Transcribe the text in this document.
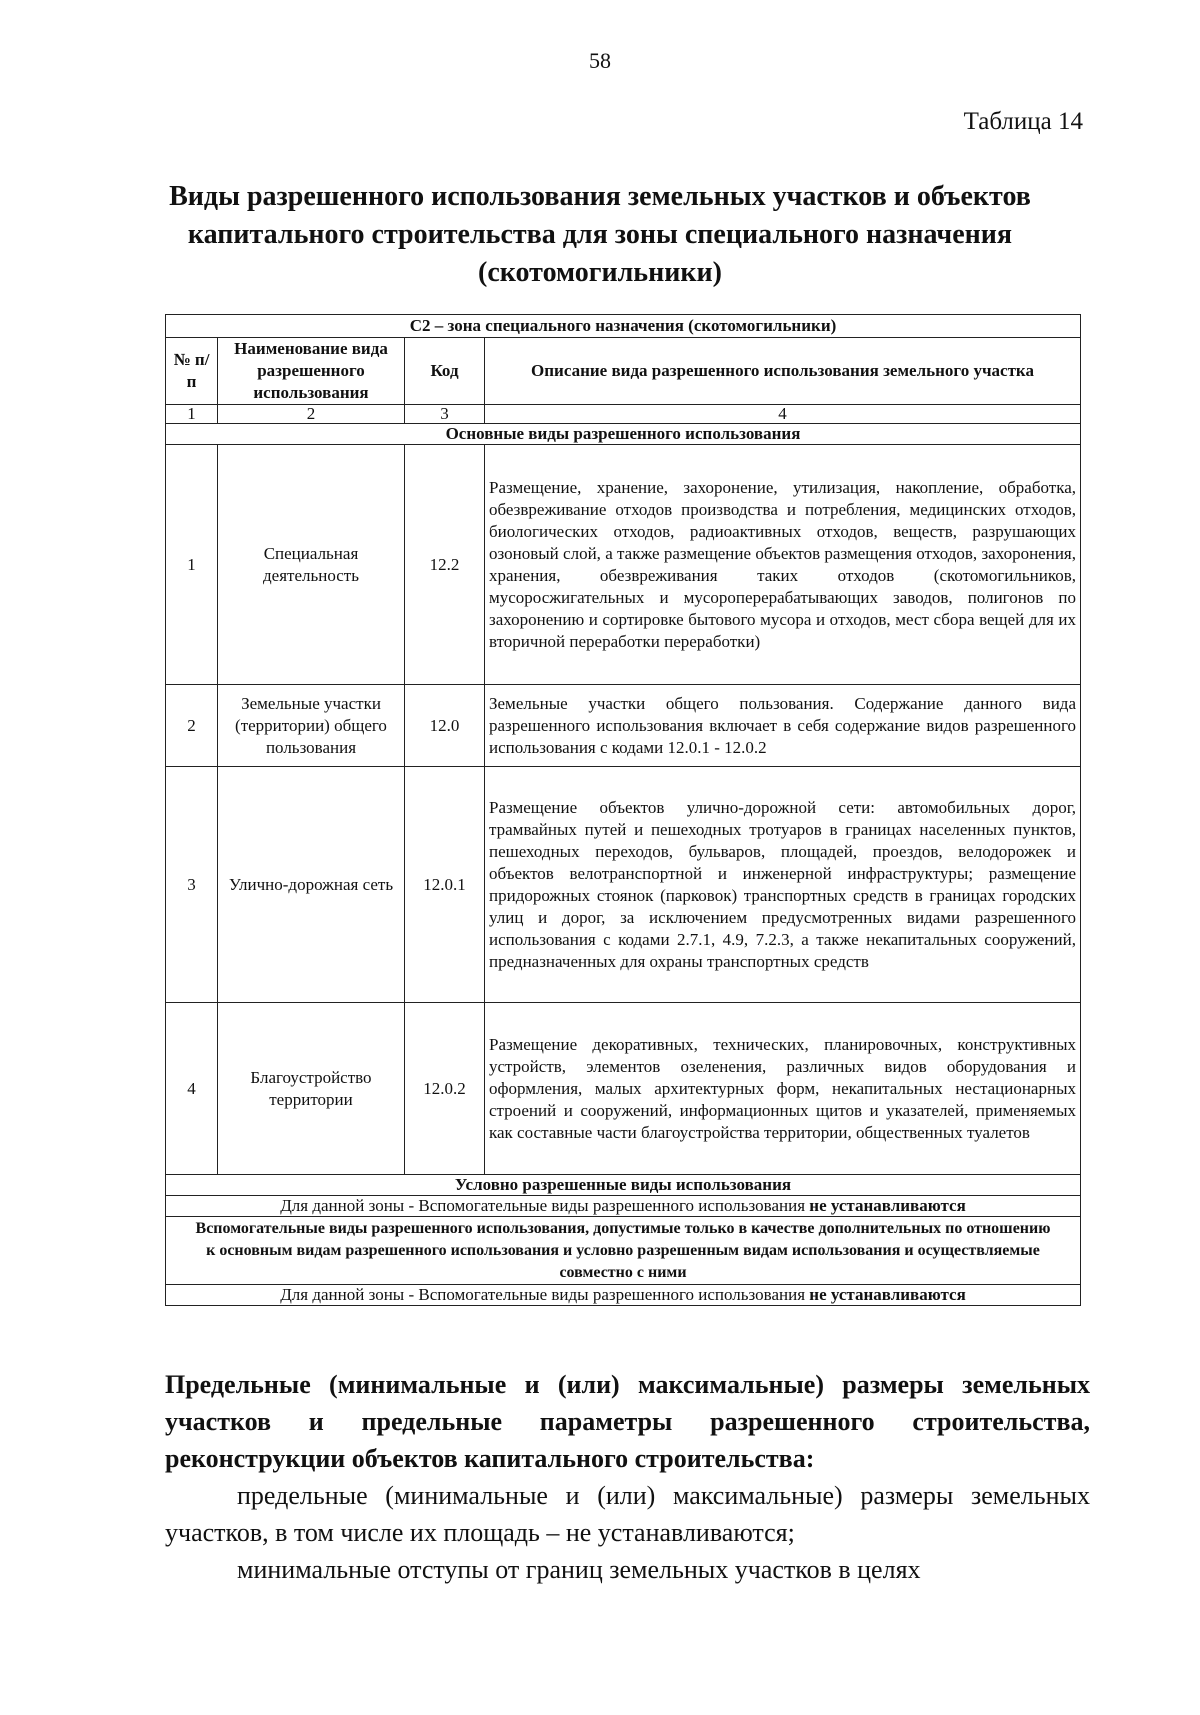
58
Таблица 14
Виды разрешенного использования земельных участков и объектов капитального строительства для зоны специального назначения (скотомогильники)
С2 – зона специального назначения (скотомогильники)			
№ п/п	Наименование вида разрешенного использования	Код	Описание вида разрешенного использования земельного участка
1	2	3	4
Основные виды разрешенного использования			
1	Специальная деятельность	12.2	Размещение, хранение, захоронение, утилизация, накопление, обработка, обезвреживание отходов производства и потребления, медицинских отходов, биологических отходов, радиоактивных отходов, веществ, разрушающих озоновый слой, а также размещение объектов размещения отходов, захоронения, хранения, обезвреживания таких отходов (скотомогильников, мусоросжигательных и мусороперерабатывающих заводов, полигонов по захоронению и сортировке бытового мусора и отходов, мест сбора вещей для их вторичной переработки переработки)
2	Земельные участки (территории) общего пользования	12.0	Земельные участки общего пользования. Содержание данного вида разрешенного использования включает в себя содержание видов разрешенного использования с кодами 12.0.1 - 12.0.2
3	Улично-дорожная сеть	12.0.1	Размещение объектов улично-дорожной сети: автомобильных дорог, трамвайных путей и пешеходных тротуаров в границах населенных пунктов, пешеходных переходов, бульваров, площадей, проездов, велодорожек и объектов велотранспортной и инженерной инфраструктуры; размещение придорожных стоянок (парковок) транспортных средств в границах городских улиц и дорог, за исключением предусмотренных видами разрешенного использования с кодами 2.7.1, 4.9, 7.2.3, а также некапитальных сооружений, предназначенных для охраны транспортных средств
4	Благоустройство территории	12.0.2	Размещение декоративных, технических, планировочных, конструктивных устройств, элементов озеленения, различных видов оборудования и оформления, малых архитектурных форм, некапитальных нестационарных строений и сооружений, информационных щитов и указателей, применяемых как составные части благоустройства территории, общественных туалетов
Условно разрешенные виды использования			
Для данной зоны - Вспомогательные виды разрешенного использования не устанавливаются			
Вспомогательные виды разрешенного использования, допустимые только в качестве дополнительных по отношению к основным видам разрешенного использования и условно разрешенным видам использования и осуществляемые совместно с ними			
Для данной зоны - Вспомогательные виды разрешенного использования не устанавливаются			

Предельные (минимальные и (или) максимальные) размеры земельных участков и предельные параметры разрешенного строительства, реконструкции объектов капитального строительства:

предельные (минимальные и (или) максимальные) размеры земельных участков, в том числе их площадь – не устанавливаются;

минимальные отступы от границ земельных участков в целях
